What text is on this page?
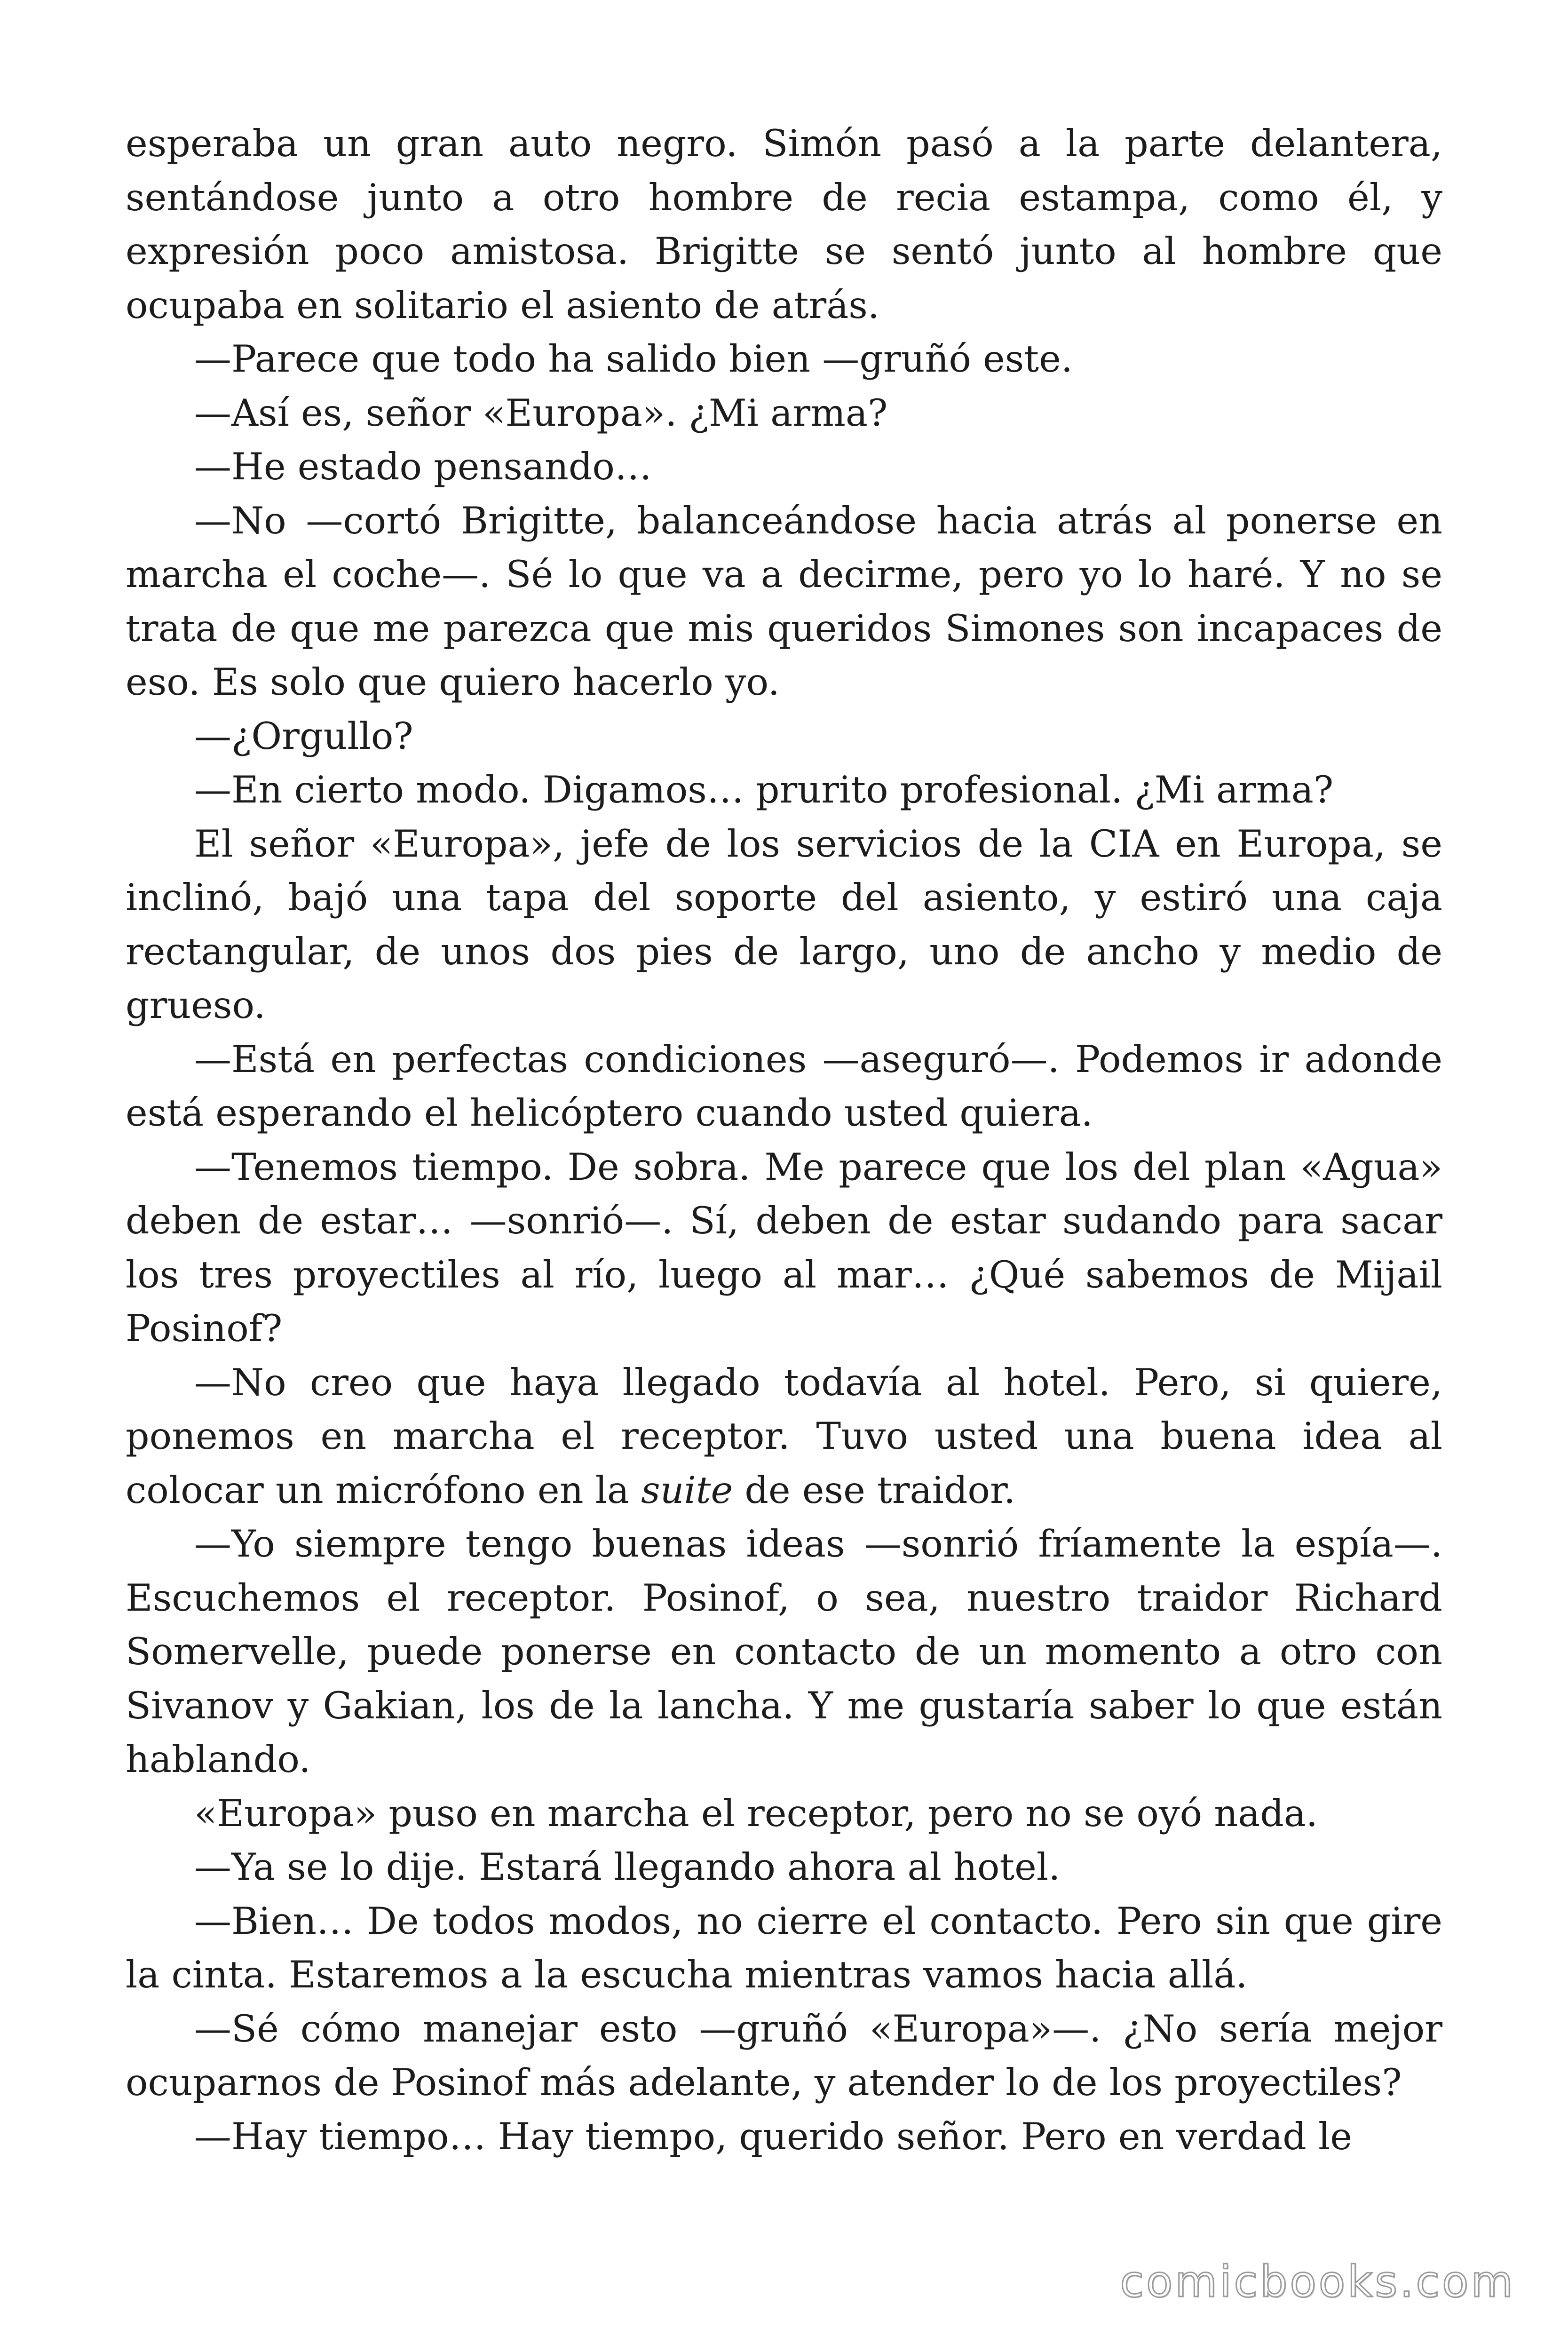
esperaba un gran auto negro. Simón pasó a la parte delantera, sentándose junto a otro hombre de recia estampa, como él, y expresión poco amistosa. Brigitte se sentó junto al hombre que ocupaba en solitario el asiento de atrás.

—Parece que todo ha salido bien —gruñó este.

—Así es, señor «Europa». ¿Mi arma?

—He estado pensando…

—No —cortó Brigitte, balanceándose hacia atrás al ponerse en marcha el coche—. Sé lo que va a decirme, pero yo lo haré. Y no se trata de que me parezca que mis queridos Simones son incapaces de eso. Es solo que quiero hacerlo yo.

—¿Orgullo?

—En cierto modo. Digamos… prurito profesional. ¿Mi arma?

El señor «Europa», jefe de los servicios de la CIA en Europa, se inclinó, bajó una tapa del soporte del asiento, y estiró una caja rectangular, de unos dos pies de largo, uno de ancho y medio de grueso.

—Está en perfectas condiciones —aseguró—. Podemos ir adonde está esperando el helicóptero cuando usted quiera.

—Tenemos tiempo. De sobra. Me parece que los del plan «Agua» deben de estar… —sonrió—. Sí, deben de estar sudando para sacar los tres proyectiles al río, luego al mar… ¿Qué sabemos de Mijail Posinof?

—No creo que haya llegado todavía al hotel. Pero, si quiere, ponemos en marcha el receptor. Tuvo usted una buena idea al colocar un micrófono en la suite de ese traidor.

—Yo siempre tengo buenas ideas —sonrió fríamente la espía—. Escuchemos el receptor. Posinof, o sea, nuestro traidor Richard Somervelle, puede ponerse en contacto de un momento a otro con Sivanov y Gakian, los de la lancha. Y me gustaría saber lo que están hablando.

«Europa» puso en marcha el receptor, pero no se oyó nada.

—Ya se lo dije. Estará llegando ahora al hotel.

—Bien… De todos modos, no cierre el contacto. Pero sin que gire la cinta. Estaremos a la escucha mientras vamos hacia allá.

—Sé cómo manejar esto —gruñó «Europa»—. ¿No sería mejor ocuparnos de Posinof más adelante, y atender lo de los proyectiles?

—Hay tiempo… Hay tiempo, querido señor. Pero en verdad le

comicbooks.com
